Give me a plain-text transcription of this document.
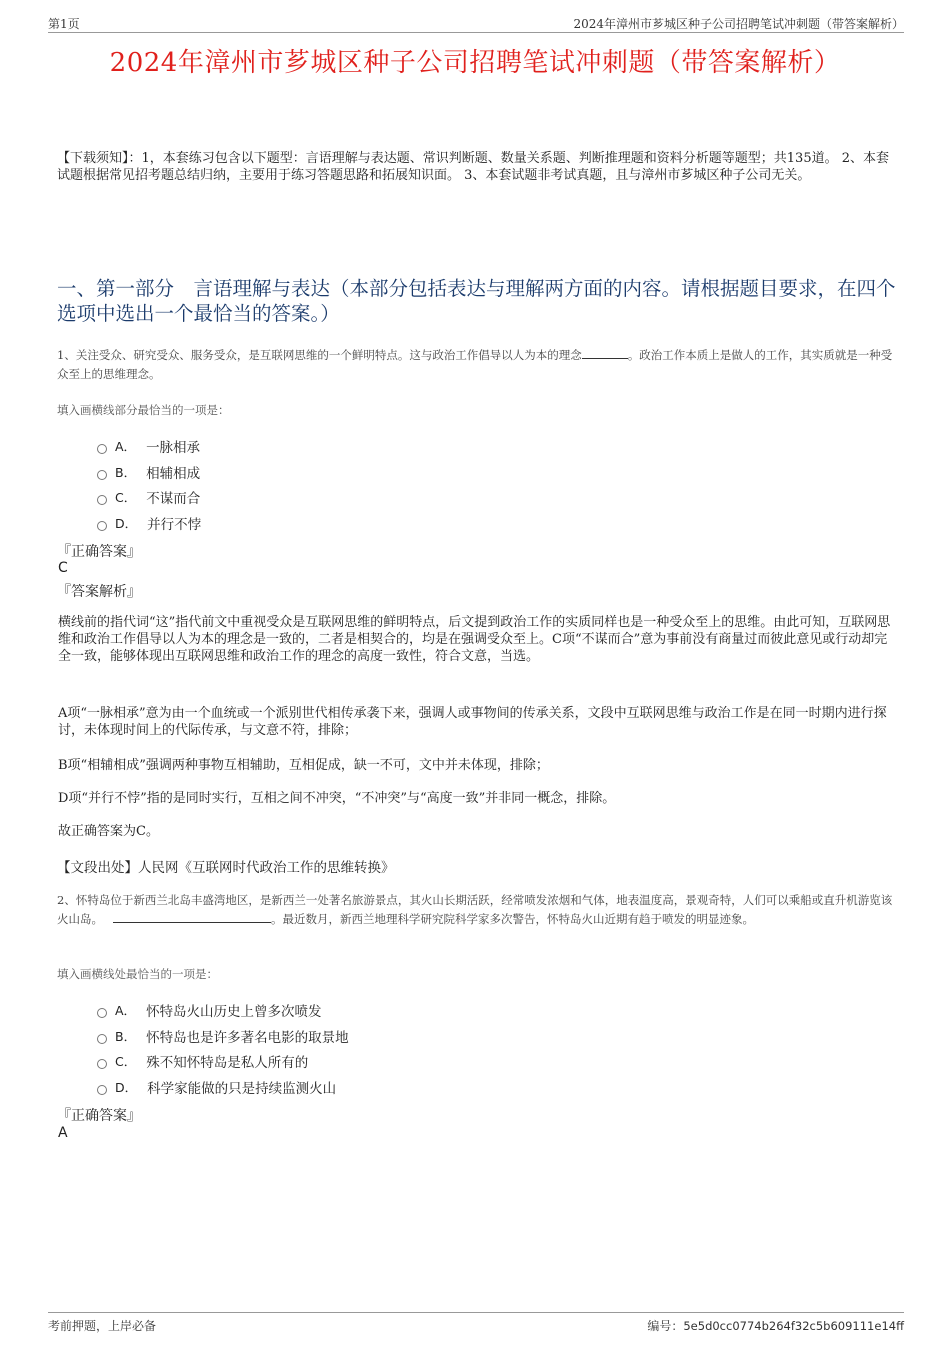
第1页	2024年漳州市芗城区种子公司招聘笔试冲刺题（带答案解析）
2024年漳州市芗城区种子公司招聘笔试冲刺题（带答案解析）
【下载须知】：1，本套练习包含以下题型：言语理解与表达题、常识判断题、数量关系题、判断推理题和资料分析题等题型；共135道。 2、本套试题根据常见招考题总结归纳，主要用于练习答题思路和拓展知识面。 3、本套试题非考试真题，且与漳州市芗城区种子公司无关。
一、第一部分　言语理解与表达（本部分包括表达与理解两方面的内容。请根据题目要求，在四个选项中选出一个最恰当的答案。）
1、关注受众、研究受众、服务受众，是互联网思维的一个鲜明特点。这与政治工作倡导以人为本的理念	。政治工作本质上是做人的工作，其实质就是一种受众至上的思维理念。
填入画横线部分最恰当的一项是：
A． 一脉相承
B． 相辅相成
C． 不谋而合
D． 并行不悖
『正确答案』
C
『答案解析』
横线前的指代词“这”指代前文中重视受众是互联网思维的鲜明特点，后文提到政治工作的实质同样也是一种受众至上的思维。由此可知，互联网思维和政治工作倡导以人为本的理念是一致的，二者是相契合的，均是在强调受众至上。C项“不谋而合”意为事前没有商量过而彼此意见或行动却完全一致，能够体现出互联网思维和政治工作的理念的高度一致性，符合文意，当选。
A项“一脉相承”意为由一个血统或一个派别世代相传承袭下来，强调人或事物间的传承关系，文段中互联网思维与政治工作是在同一时期内进行探讨，未体现时间上的代际传承，与文意不符，排除；
B项“相辅相成”强调两种事物互相辅助，互相促成，缺一不可，文中并未体现，排除；
D项“并行不悖”指的是同时实行，互相之间不冲突，“不冲突”与“高度一致”并非同一概念，排除。
故正确答案为C。
【文段出处】人民网《互联网时代政治工作的思维转换》
2、怀特岛位于新西兰北岛丰盛湾地区，是新西兰一处著名旅游景点，其火山长期活跃，经常喷发浓烟和气体，地表温度高，景观奇特，人们可以乘船或直升机游览该火山岛。	。最近数月，新西兰地理科学研究院科学家多次警告，怀特岛火山近期有趋于喷发的明显迹象。
填入画横线处最恰当的一项是：
A． 怀特岛火山历史上曾多次喷发
B． 怀特岛也是许多著名电影的取景地
C． 殊不知怀特岛是私人所有的
D． 科学家能做的只是持续监测火山
『正确答案』
A
考前押题，上岸必备	编号：5e5d0cc0774b264f32c5b609111e14ff
